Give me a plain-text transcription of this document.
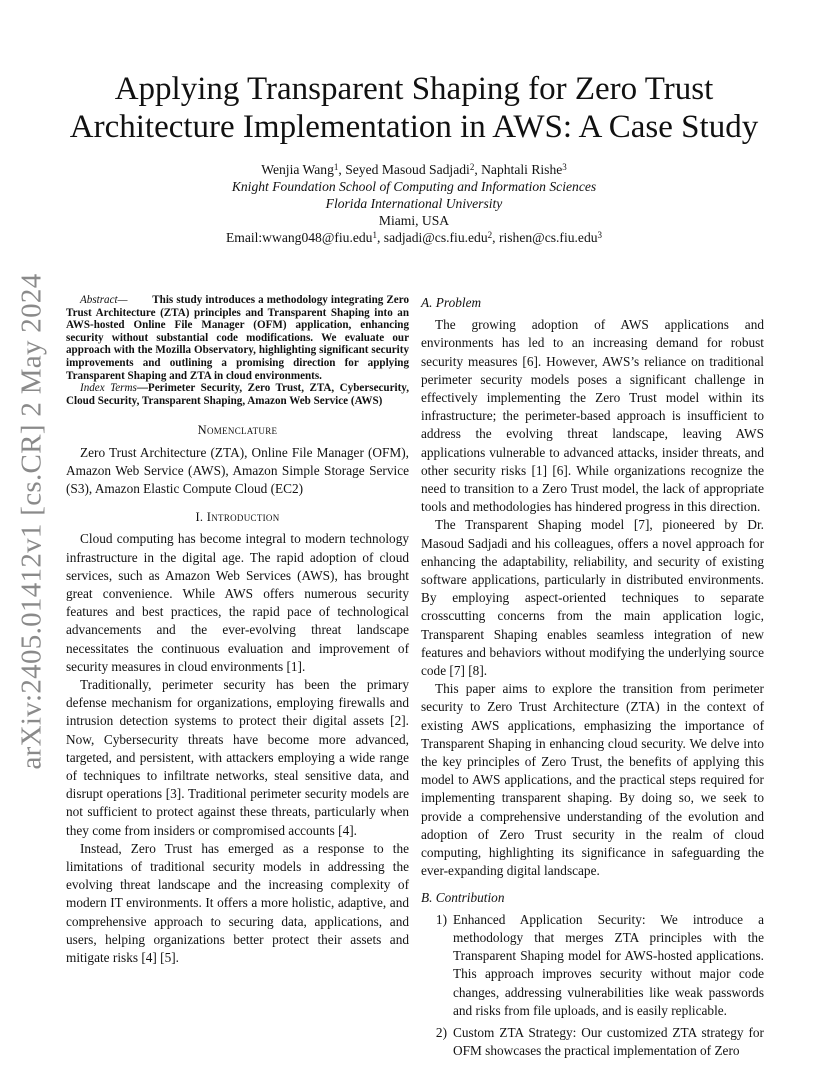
arXiv:2405.01412v1 [cs.CR] 2 May 2024
Applying Transparent Shaping for Zero Trust
Architecture Implementation in AWS: A Case Study
Wenjia Wang$^1$, Seyed Masoud Sadjadi$^2$, Naphtali Rishe$^3$
Knight Foundation School of Computing and Information Sciences
Florida International University
Miami, USA
Email:wwang048@fiu.edu$^1$, sadjadi@cs.fiu.edu$^2$, rishen@cs.fiu.edu$^3$

Abstract— This study introduces a methodology integrating Zero Trust Architecture (ZTA) principles and Transparent Shaping into an AWS-hosted Online File Manager (OFM) application, enhancing security without substantial code modifications. We evaluate our approach with the Mozilla Observatory, highlighting significant security improvements and outlining a promising direction for applying Transparent Shaping and ZTA in cloud environments.

Index Terms—Perimeter Security, Zero Trust, ZTA, Cybersecurity, Cloud Security, Transparent Shaping, Amazon Web Service (AWS)

Nomenclature

Zero Trust Architecture (ZTA), Online File Manager (OFM), Amazon Web Service (AWS), Amazon Simple Storage Service (S3), Amazon Elastic Compute Cloud (EC2)

I. Introduction

Cloud computing has become integral to modern technology infrastructure in the digital age. The rapid adoption of cloud services, such as Amazon Web Services (AWS), has brought great convenience. While AWS offers numerous security features and best practices, the rapid pace of technological advancements and the ever-evolving threat landscape necessitates the continuous evaluation and improvement of security measures in cloud environments [1].

Traditionally, perimeter security has been the primary defense mechanism for organizations, employing firewalls and intrusion detection systems to protect their digital assets [2]. Now, Cybersecurity threats have become more advanced, targeted, and persistent, with attackers employing a wide range of techniques to infiltrate networks, steal sensitive data, and disrupt operations [3]. Traditional perimeter security models are not sufficient to protect against these threats, particularly when they come from insiders or compromised accounts [4].

Instead, Zero Trust has emerged as a response to the limitations of traditional security models in addressing the evolving threat landscape and the increasing complexity of modern IT environments. It offers a more holistic, adaptive, and comprehensive approach to securing data, applications, and users, helping organizations better protect their assets and mitigate risks [4] [5].

A. Problem

The growing adoption of AWS applications and environments has led to an increasing demand for robust security measures [6]. However, AWS’s reliance on traditional perimeter security models poses a significant challenge in effectively implementing the Zero Trust model within its infrastructure; the perimeter-based approach is insufficient to address the evolving threat landscape, leaving AWS applications vulnerable to advanced attacks, insider threats, and other security risks [1] [6]. While organizations recognize the need to transition to a Zero Trust model, the lack of appropriate tools and methodologies has hindered progress in this direction.

The Transparent Shaping model [7], pioneered by Dr. Masoud Sadjadi and his colleagues, offers a novel approach for enhancing the adaptability, reliability, and security of existing software applications, particularly in distributed environments. By employing aspect-oriented techniques to separate crosscutting concerns from the main application logic, Transparent Shaping enables seamless integration of new features and behaviors without modifying the underlying source code [7] [8].

This paper aims to explore the transition from perimeter security to Zero Trust Architecture (ZTA) in the context of existing AWS applications, emphasizing the importance of Transparent Shaping in enhancing cloud security. We delve into the key principles of Zero Trust, the benefits of applying this model to AWS applications, and the practical steps required for implementing transparent shaping. By doing so, we seek to provide a comprehensive understanding of the evolution and adoption of Zero Trust security in the realm of cloud computing, highlighting its significance in safeguarding the ever-expanding digital landscape.

B. Contribution
1) Enhanced Application Security: We introduce a methodology that merges ZTA principles with the Transparent Shaping model for AWS-hosted applications. This approach improves security without major code changes, addressing vulnerabilities like weak passwords and risks from file uploads, and is easily replicable.
2) Custom ZTA Strategy: Our customized ZTA strategy for OFM showcases the practical implementation of Zero
